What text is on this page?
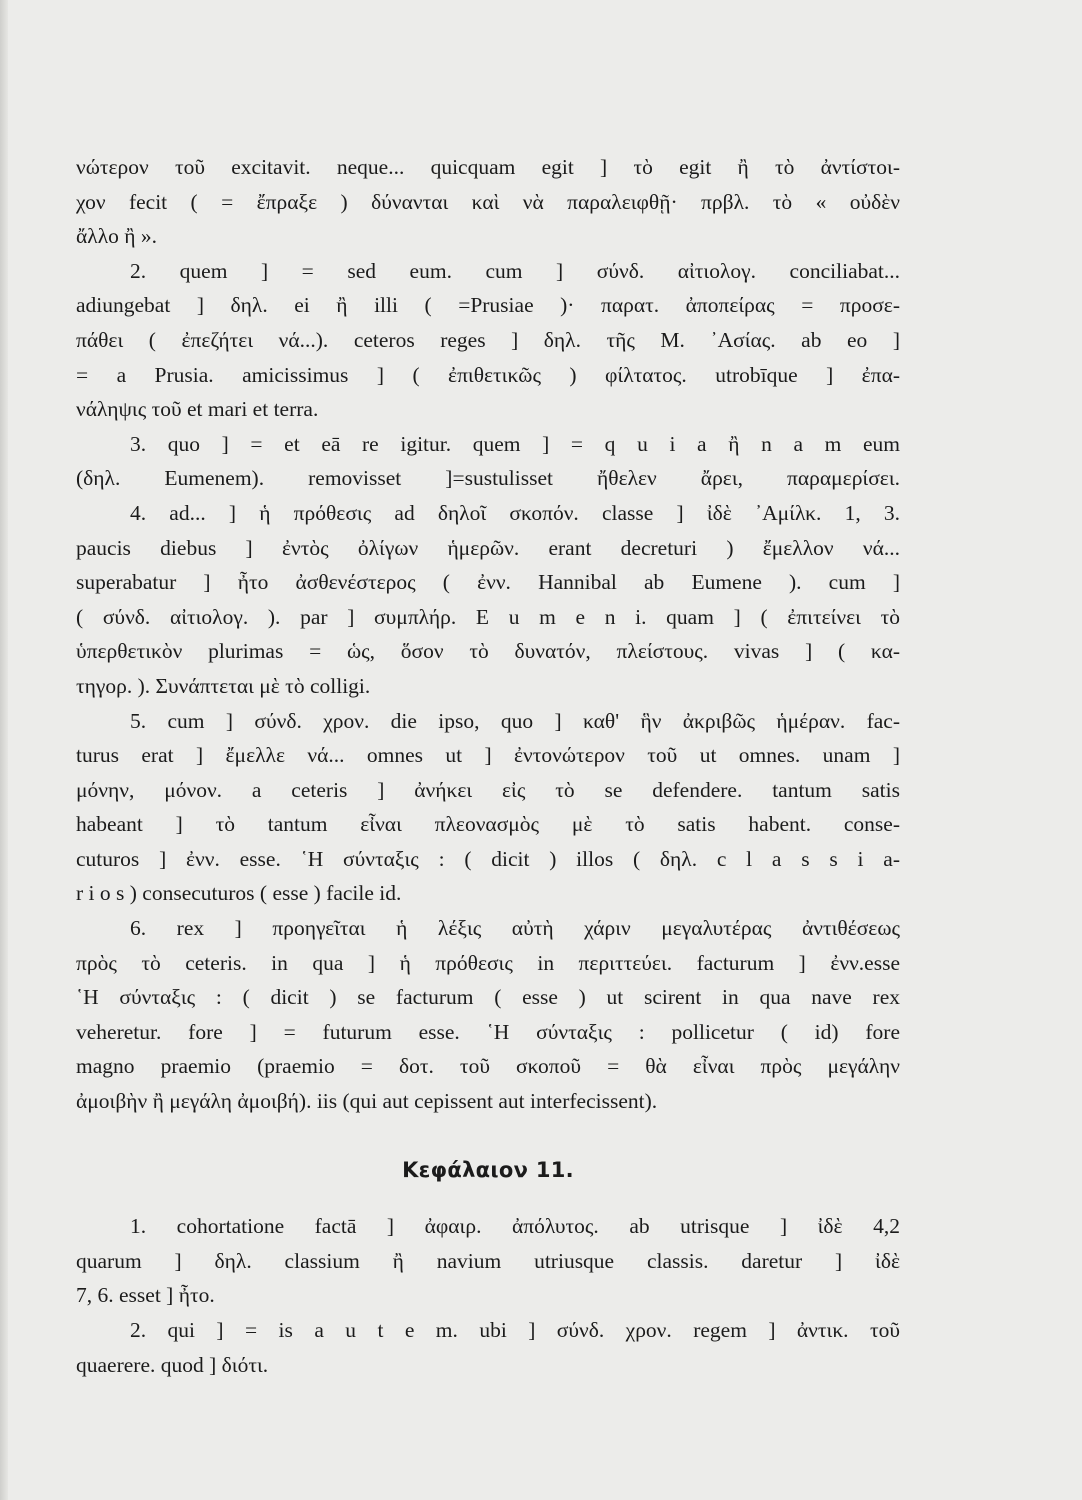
νώτερον τοῦ excitavit. neque... quicquam egit ] τὸ egit ἢ τὸ ἀντίστοι-
χον fecit ( = ἔπραξε ) δύνανται καὶ νὰ παραλειφθῇ· πρβλ. τὸ « οὐδὲν
ἄλλο ἢ ».
2. quem ] = sed eum. cum ] σύνδ. αἰτιολογ. conciliabat...
adiungebat ] δηλ. ei ἢ illi ( =Prusiae )· παρατ. ἀποπείρας = προσε-
πάθει ( ἐπεζήτει νά...). ceteros reges ] δηλ. τῆς Μ. ᾿Ασίας. ab eo ]
= a Prusia. amicissimus ] ( ἐπιθετικῶς ) φίλτατος. utrobīque ] ἐπα-
νάληψις τοῦ et mari et terra.
3. quo ] = et eā re igitur. quem ] = q u i a ἢ n a m eum
(δηλ. Eumenem). removisset ]=sustulisset ἤθελεν ἄρει, παραμερίσει.
4. ad... ] ἡ πρόθεσις ad δηλοῖ σκοπόν. classe ] ἰδὲ ᾿Αμίλκ. 1, 3.
paucis diebus ] ἐντὸς ὀλίγων ἡμερῶν. erant decreturi ) ἔμελλον νά...
superabatur ] ἦτο ἀσθενέστερος ( ἐνν. Hannibal ab Eumene ). cum ]
( σύνδ. αἰτιολογ. ). par ] συμπλήρ. E u m e n i. quam ] ( ἐπιτείνει τὸ
ὑπερθετικὸν plurimas = ὡς, ὅσον τὸ δυνατόν, πλείστους. vivas ] ( κα-
τηγορ. ). Συνάπτεται μὲ τὸ colligi.
5. cum ] σύνδ. χρον. die ipso, quo ] καθ' ἣν ἀκριβῶς ἡμέραν. fac-
turus erat ] ἔμελλε νά... omnes ut ] ἐντονώτερον τοῦ ut omnes. unam ]
μόνην, μόνον. a ceteris ] ἀνήκει εἰς τὸ se defendere. tantum satis
habeant ] τὸ tantum εἶναι πλεονασμὸς μὲ τὸ satis habent. conse-
cuturos ] ἐνν. esse. ῾Η σύνταξις : ( dicit ) illos ( δηλ. c l a s s i a-
r i o s ) consecuturos ( esse ) facile id.
6. rex ] προηγεῖται ἡ λέξις αὐτὴ χάριν μεγαλυτέρας ἀντιθέσεως
πρὸς τὸ ceteris. in qua ] ἡ πρόθεσις in περιττεύει. facturum ] ἐνν.esse
῾Η σύνταξις : ( dicit ) se facturum ( esse ) ut scirent in qua nave rex
veheretur. fore ] = futurum esse. ῾Η σύνταξις : pollicetur ( id) fore
magno praemio (praemio = δοτ. τοῦ σκοποῦ = θὰ εἶναι πρὸς μεγάλην
ἀμοιβὴν ἢ μεγάλη ἀμοιβή). iis (qui aut cepissent aut interfecissent).
Κεφάλαιον 11.
1. cohortatione factā ] ἀφαιρ. ἀπόλυτος. ab utrisque ] ἰδὲ 4,2
quarum ] δηλ. classium ἢ navium utriusque classis. daretur ] ἰδὲ
7, 6. esset ] ἦτο.
2. qui ] = is a u t e m. ubi ] σύνδ. χρον. regem ] ἀντικ. τοῦ
quaerere. quod ] διότι.
